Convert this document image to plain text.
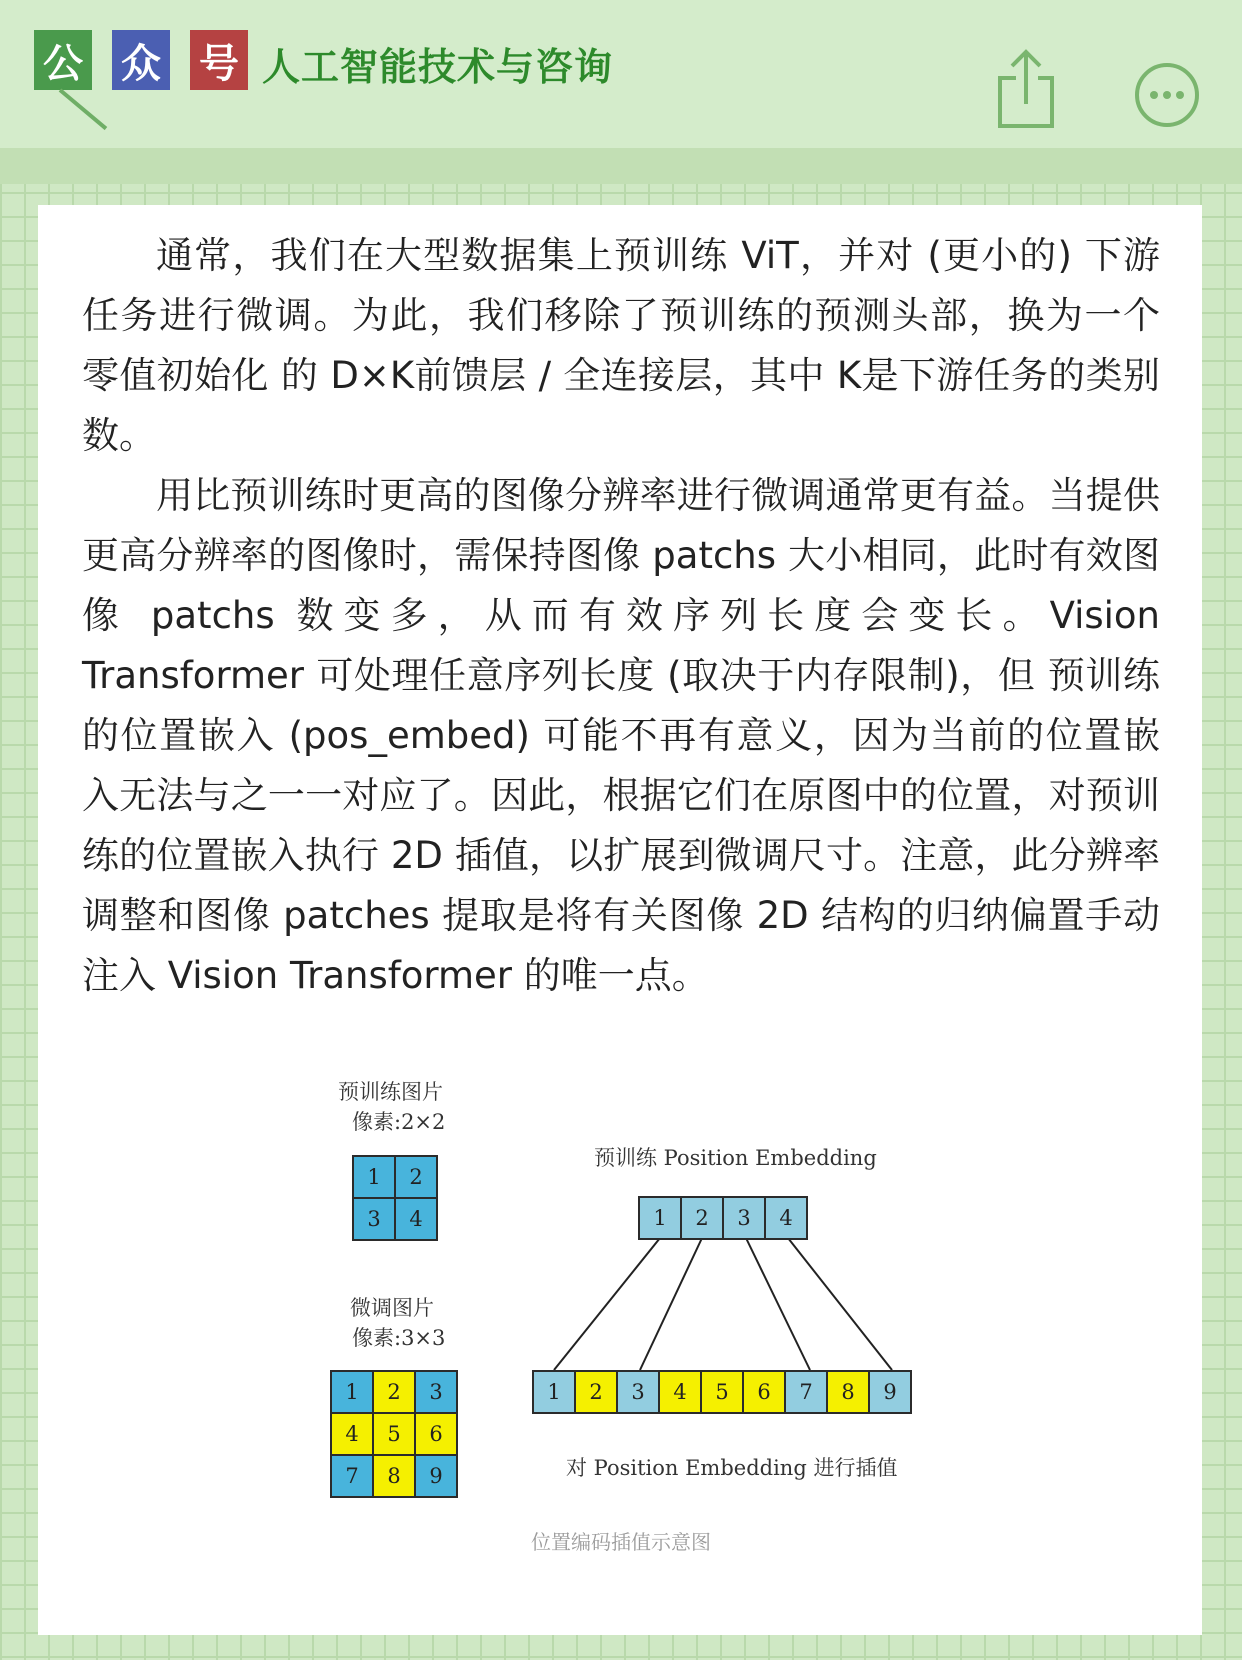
公 众 号 人工智能技术与咨询

通常，我们在大型数据集上预训练 ViT，并对 (更小的) 下游任务进行微调。为此，我们移除了预训练的预测头部，换为一个 零值初始化 的 D×K前馈层 / 全连接层，其中 K是下游任务的类别数。

用比预训练时更高的图像分辨率进行微调通常更有益。当提供更高分辨率的图像时，需保持图像 patchs 大小相同，此时有效图像 patchs 数变多，从而有效序列长度会变长。Vision Transformer 可处理任意序列长度 (取决于内存限制)，但 预训练的位置嵌入 (pos_embed) 可能不再有意义，因为当前的位置嵌入无法与之一一对应了。因此，根据它们在原图中的位置，对预训练的位置嵌入执行 2D 插值，以扩展到微调尺寸。注意，此分辨率调整和图像 patches 提取是将有关图像 2D 结构的归纳偏置手动注入 Vision Transformer 的唯一点。

预训练图片
像素:2×2
1	2
3	4
微调图片
像素:3×3
1	2	3
4	5	6
7	8	9
预训练 Position Embedding
1	2	3	4
1	2	3	4	5	6	7	8	9
对 Position Embedding 进行插值
位置编码插值示意图
